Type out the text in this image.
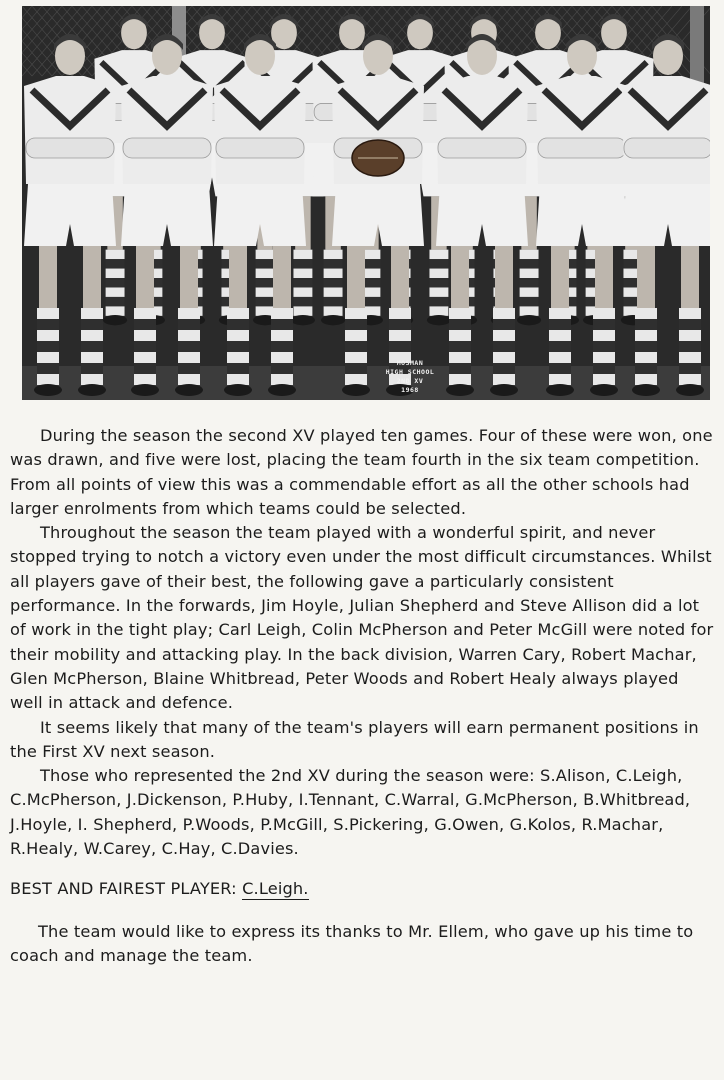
MOSMAN
HIGH SCHOOL
2ND XV
1968

During the season the second XV played ten games. Four of these were won, one was drawn, and five were lost, placing the team fourth in the six team competition. From all points of view this was a commendable effort as all the other schools had larger enrolments from which teams could be selected.

Throughout the season the team played with a wonderful spirit, and never stopped trying to notch a victory even under the most difficult circumstances. Whilst all players gave of their best, the following gave a particularly consistent performance. In the forwards, Jim Hoyle, Julian Shepherd and Steve Allison did a lot of work in the tight play; Carl Leigh, Colin McPherson and Peter McGill were noted for their mobility and attacking play. In the back division, Warren Cary, Robert Machar, Glen McPherson, Blaine Whitbread, Peter Woods and Robert Healy always played well in attack and defence.

It seems likely that many of the team's players will earn permanent positions in the First XV next season.

Those who represented the 2nd XV during the season were: S.Alison, C.Leigh, C.McPherson, J.Dickenson, P.Huby, I.Tennant, C.Warral, G.McPherson, B.Whitbread, J.Hoyle, I. Shepherd, P.Woods, P.McGill, S.Pickering, G.Owen, G.Kolos, R.Machar, R.Healy, W.Carey, C.Hay, C.Davies.

BEST AND FAIREST PLAYER: C.Leigh.

The team would like to express its thanks to Mr. Ellem, who gave up his time to coach and manage the team.
